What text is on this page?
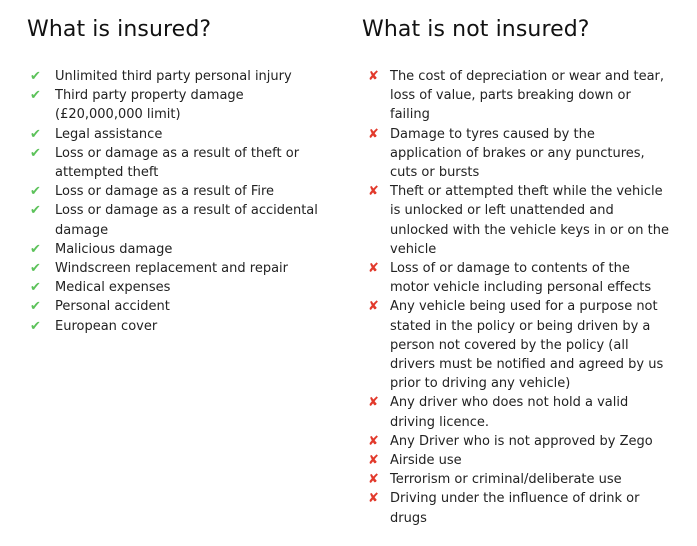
What is insured?
✔ Unlimited third party personal injury
✔ Third party property damage (£20,000,000 limit)
✔ Legal assistance
✔ Loss or damage as a result of theft or attempted theft
✔ Loss or damage as a result of Fire
✔ Loss or damage as a result of accidental damage
✔ Malicious damage
✔ Windscreen replacement and repair
✔ Medical expenses
✔ Personal accident
✔ European cover
What is not insured?
✘ The cost of depreciation or wear and tear, loss of value, parts breaking down or failing
✘ Damage to tyres caused by the application of brakes or any punctures, cuts or bursts
✘ Theft or attempted theft while the vehicle is unlocked or left unattended and unlocked with the vehicle keys in or on the vehicle
✘ Loss of or damage to contents of the motor vehicle including personal effects
✘ Any vehicle being used for a purpose not stated in the policy or being driven by a person not covered by the policy (all drivers must be notified and agreed by us prior to driving any vehicle)
✘ Any driver who does not hold a valid driving licence.
✘ Any Driver who is not approved by Zego
✘ Airside use
✘ Terrorism or criminal/deliberate use
✘ Driving under the influence of drink or drugs
